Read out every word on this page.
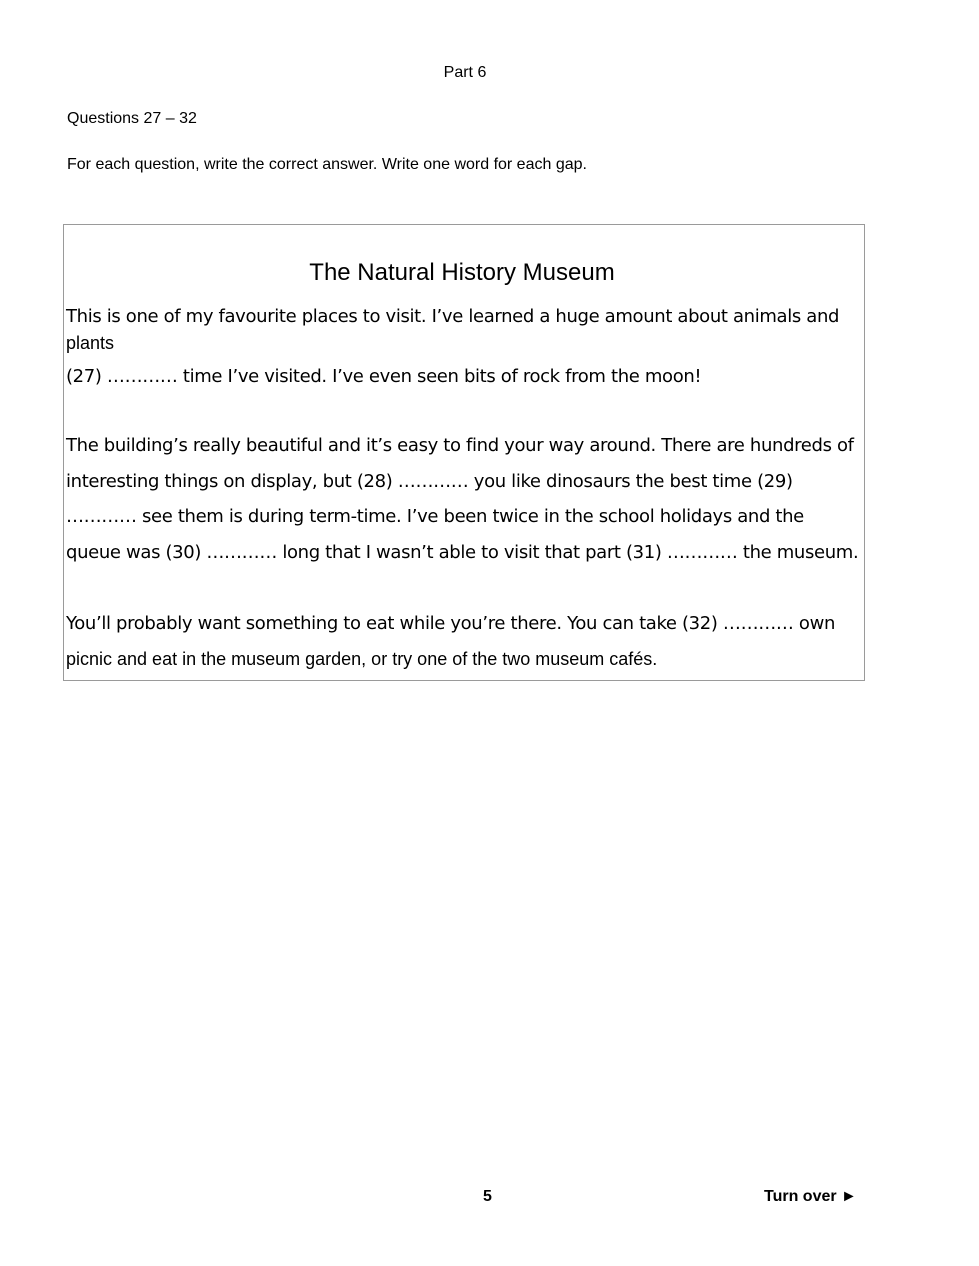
Part 6
Questions 27 – 32
For each question, write the correct answer. Write one word for each gap.
The Natural History Museum
This is one of my favourite places to visit. I’ve learned a huge amount about animals and
plants
(27) ………… time I’ve visited. I’ve even seen bits of rock from the moon!
The building’s really beautiful and it’s easy to find your way around. There are hundreds of
interesting things on display, but (28) ………… you like dinosaurs the best time (29)
………… see them is during term-time. I’ve been twice in the school holidays and the
queue was (30) ………… long that I wasn’t able to visit that part (31) ………… the museum.
You’ll probably want something to eat while you’re there. You can take (32) ………… own
picnic and eat in the museum garden, or try one of the two museum cafés.
5	Turn over ►
